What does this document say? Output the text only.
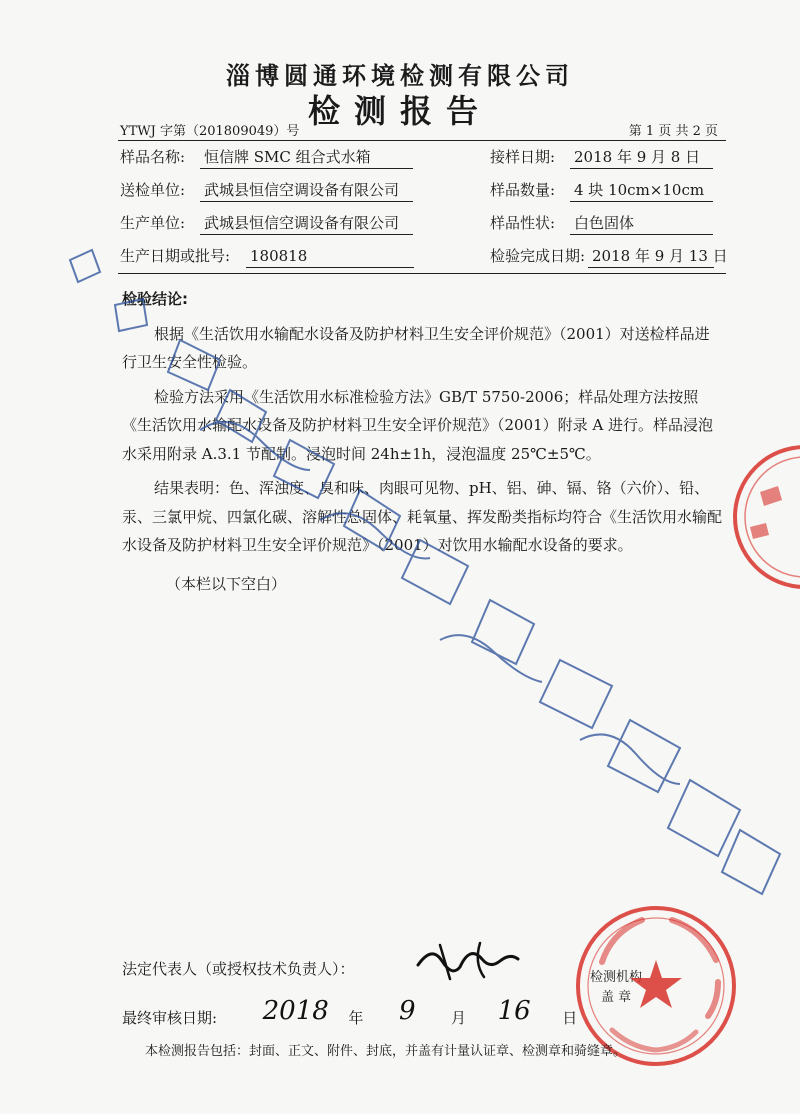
淄博圆通环境检测有限公司
检测报告
YTWJ 字第（201809049）号	第 1 页 共 2 页
样品名称: 恒信牌 SMC 组合式水箱	接样日期: 2018 年 9 月 8 日
送检单位: 武城县恒信空调设备有限公司	样品数量: 4 块 10cm×10cm
生产单位: 武城县恒信空调设备有限公司	样品性状: 白色固体
生产日期或批号: 180818	检验完成日期: 2018 年 9 月 13 日

检验结论:

根据《生活饮用水输配水设备及防护材料卫生安全评价规范》（2001）对送检样品进行卫生安全性检验。

检验方法采用《生活饮用水标准检验方法》GB/T 5750-2006；样品处理方法按照《生活饮用水输配水设备及防护材料卫生安全评价规范》（2001）附录 A 进行。样品浸泡水采用附录 A.3.1 节配制。浸泡时间 24h±1h，浸泡温度 25℃±5℃。

结果表明：色、浑浊度、臭和味、肉眼可见物、pH、铝、砷、镉、铬（六价）、铅、汞、三氯甲烷、四氯化碳、溶解性总固体、耗氧量、挥发酚类指标均符合《生活饮用水输配水设备及防护材料卫生安全评价规范》（2001）对饮用水输配水设备的要求。

（本栏以下空白）

法定代表人（或授权技术负责人）：
最终审核日期: 2018 年 9 月 16 日
检测机构
盖 章
本检测报告包括：封面、正文、附件、封底，并盖有计量认证章、检测章和骑缝章。
